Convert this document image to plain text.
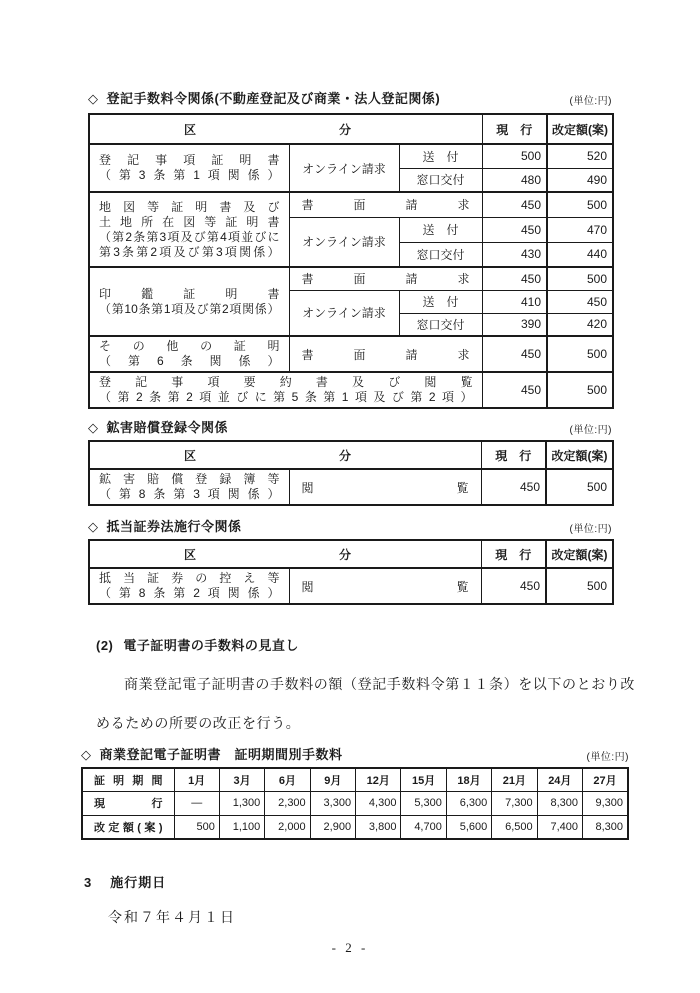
◇ 登記手数料令関係(不動産登記及び商業・法人登記関係)	(単位:円)
区 分			現　行	改定額(案)

登記事項証明書
（第3条第1項関係）	オンライン請求	送　付	500	520
		窓口交付	480	490

地図等証明書及び
土地所在図等証明書
（第2条第3項及び第4項並びに
第3条第2項及び第3項関係）	書　面　請　求		450	500
	オンライン請求	送　付	450	470
		窓口交付	430	440

印鑑証明書
（第10条第1項及び第2項関係）	書　面　請　求		450	500
	オンライン請求	送　付	410	450
		窓口交付	390	420

その他の証明
（第6条関係）	書　面　請　求		450	500

登記事項要約書及び閲覧
（第2条第2項並びに第5条第1項及び第2項）			450	500
◇ 鉱害賠償登録令関係	(単位:円)
区 分		現　行	改定額(案)

鉱害賠償登録簿等
（第8条第3項関係）	閲　　覧	450	500
◇ 抵当証券法施行令関係	(単位:円)
区 分		現　行	改定額(案)

抵当証券の控え等
（第8条第2項関係）	閲　　覧	450	500
(2) 電子証明書の手数料の見直し
商業登記電子証明書の手数料の額（登記手数料令第１１条）を以下のとおり改
めるための所要の改正を行う。
◇ 商業登記電子証明書　証明期間別手数料	(単位:円)
証明期間	1月	3月	6月	9月	12月	15月	18月	21月	24月	27月

現　　行	―	1,300	2,300	3,300	4,300	5,300	6,300	7,300	8,300	9,300

改定額(案)	500	1,100	2,000	2,900	3,800	4,700	5,600	6,500	7,400	8,300
3 施行期日
令和７年４月１日
- 2 -
